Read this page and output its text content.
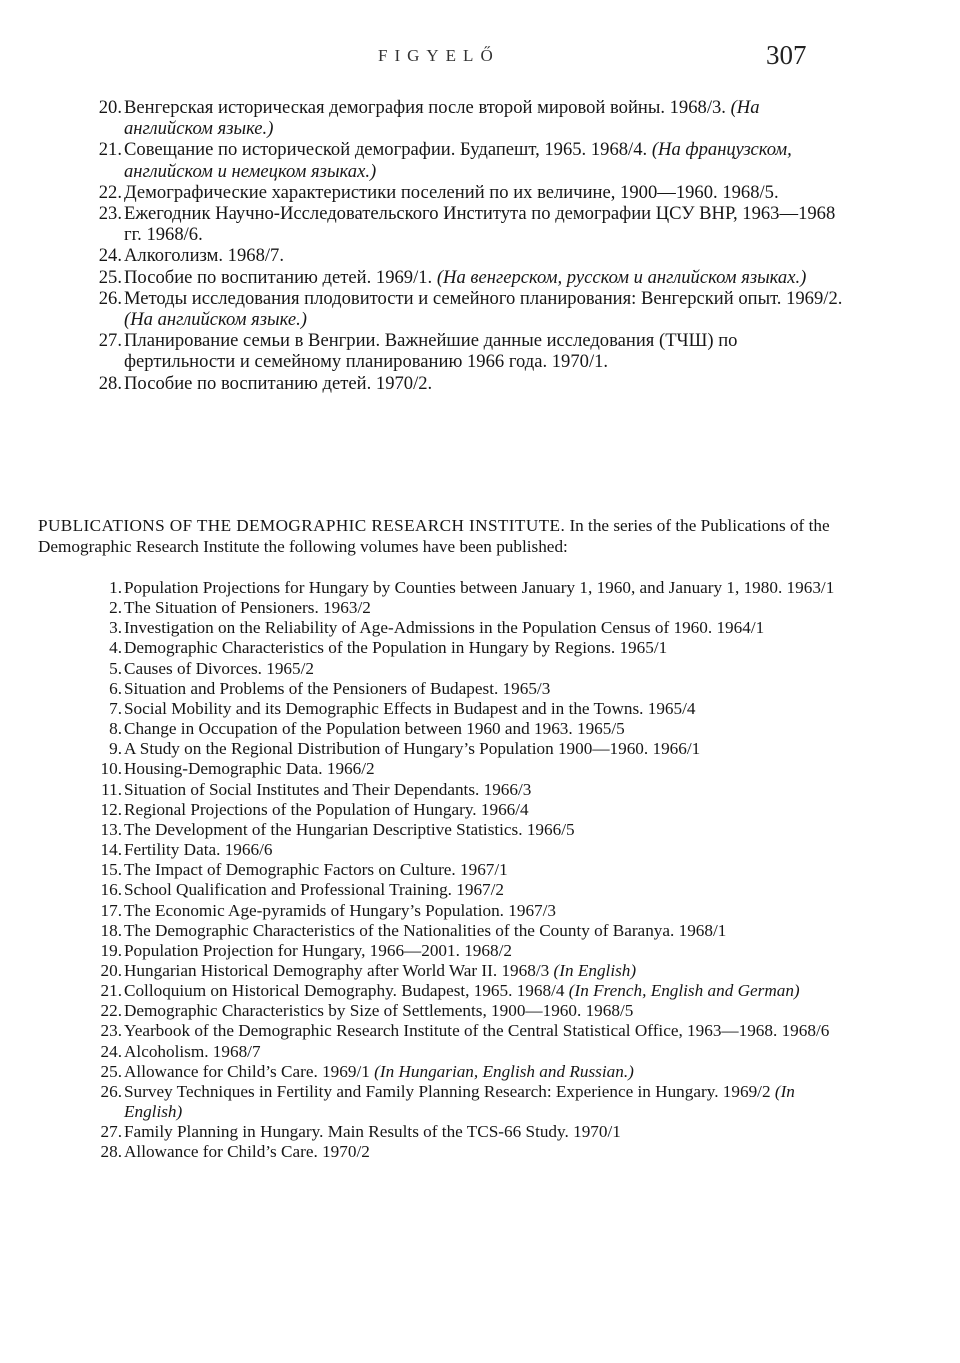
FIGYELŐ	307
20. Венгерская историческая демография после второй мировой войны. 1968/3. (На английском языке.)
21. Совещание по исторической демографии. Будапешт, 1965. 1968/4. (На французском, английском и немецком языках.)
22. Демографические характеристики поселений по их величине, 1900—1960. 1968/5.
23. Ежегодник Научно-Исследовательского Института по демографии ЦСУ ВНР, 1963—1968 гг. 1968/6.
24. Алкоголизм. 1968/7.
25. Пособие по воспитанию детей. 1969/1. (На венгерском, русском и английском языках.)
26. Методы исследования плодовитости и семейного планирования: Венгерский опыт. 1969/2. (На английском языке.)
27. Планирование семьи в Венгрии. Важнейшие данные исследования (ТЧШ) по фертильности и семейному планированию 1966 года. 1970/1.
28. Пособие по воспитанию детей. 1970/2.
PUBLICATIONS OF THE DEMOGRAPHIC RESEARCH INSTITUTE. In the series of the Publications of the Demographic Research Institute the following volumes have been published:
1. Population Projections for Hungary by Counties between January 1, 1960, and January 1, 1980. 1963/1
2. The Situation of Pensioners. 1963/2
3. Investigation on the Reliability of Age-Admissions in the Population Census of 1960. 1964/1
4. Demographic Characteristics of the Population in Hungary by Regions. 1965/1
5. Causes of Divorces. 1965/2
6. Situation and Problems of the Pensioners of Budapest. 1965/3
7. Social Mobility and its Demographic Effects in Budapest and in the Towns. 1965/4
8. Change in Occupation of the Population between 1960 and 1963. 1965/5
9. A Study on the Regional Distribution of Hungary’s Population 1900—1960. 1966/1
10. Housing-Demographic Data. 1966/2
11. Situation of Social Institutes and Their Dependants. 1966/3
12. Regional Projections of the Population of Hungary. 1966/4
13. The Development of the Hungarian Descriptive Statistics. 1966/5
14. Fertility Data. 1966/6
15. The Impact of Demographic Factors on Culture. 1967/1
16. School Qualification and Professional Training. 1967/2
17. The Economic Age-pyramids of Hungary’s Population. 1967/3
18. The Demographic Characteristics of the Nationalities of the County of Baranya. 1968/1
19. Population Projection for Hungary, 1966—2001. 1968/2
20. Hungarian Historical Demography after World War II. 1968/3 (In English)
21. Colloquium on Historical Demography. Budapest, 1965. 1968/4 (In French, English and German)
22. Demographic Characteristics by Size of Settlements, 1900—1960. 1968/5
23. Yearbook of the Demographic Research Institute of the Central Statistical Office, 1963—1968. 1968/6
24. Alcoholism. 1968/7
25. Allowance for Child’s Care. 1969/1 (In Hungarian, English and Russian.)
26. Survey Techniques in Fertility and Family Planning Research: Experience in Hungary. 1969/2 (In English)
27. Family Planning in Hungary. Main Results of the TCS-66 Study. 1970/1
28. Allowance for Child’s Care. 1970/2
